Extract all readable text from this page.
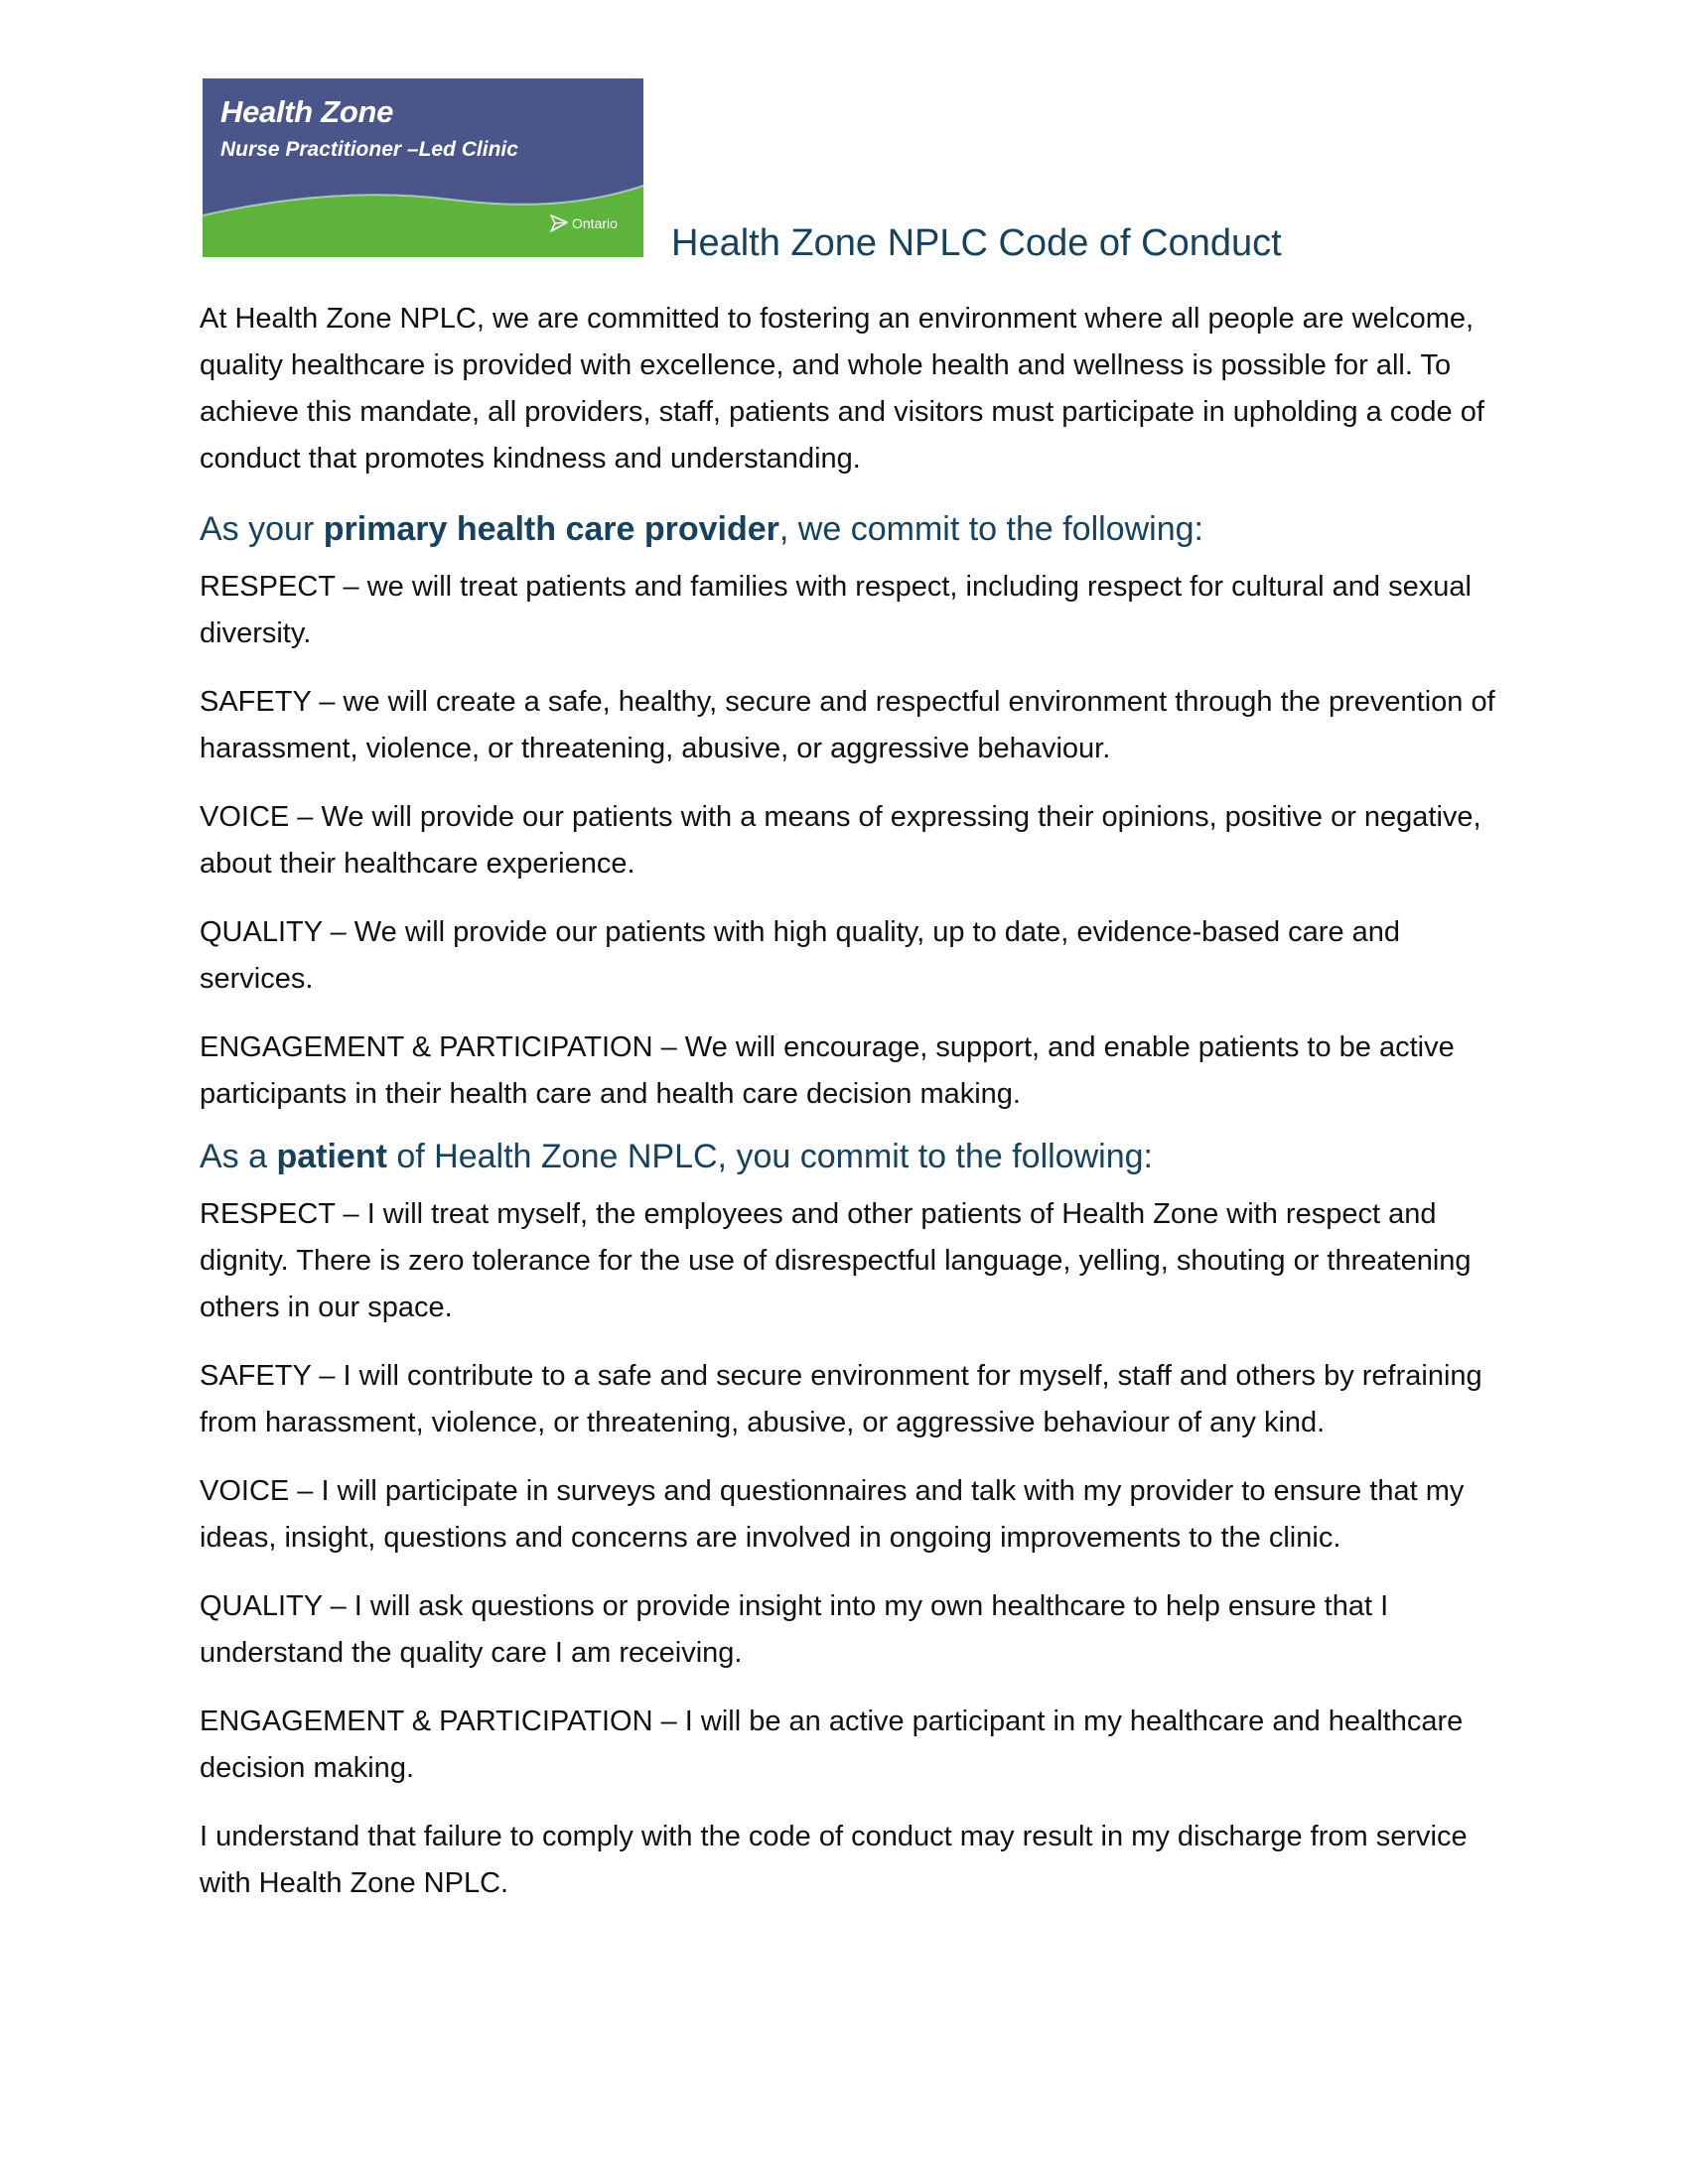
Health Zone
Nurse Practitioner –Led Clinic
Ontario Health Zone NPLC Code of Conduct

At Health Zone NPLC, we are committed to fostering an environment where all people are welcome, quality healthcare is provided with excellence, and whole health and wellness is possible for all. To achieve this mandate, all providers, staff, patients and visitors must participate in upholding a code of conduct that promotes kindness and understanding.

As your primary health care provider, we commit to the following:

RESPECT – we will treat patients and families with respect, including respect for cultural and sexual diversity.

SAFETY – we will create a safe, healthy, secure and respectful environment through the prevention of harassment, violence, or threatening, abusive, or aggressive behaviour.

VOICE – We will provide our patients with a means of expressing their opinions, positive or negative, about their healthcare experience.

QUALITY – We will provide our patients with high quality, up to date, evidence-based care and services.

ENGAGEMENT & PARTICIPATION – We will encourage, support, and enable patients to be active participants in their health care and health care decision making.

As a patient of Health Zone NPLC, you commit to the following:

RESPECT – I will treat myself, the employees and other patients of Health Zone with respect and dignity. There is zero tolerance for the use of disrespectful language, yelling, shouting or threatening others in our space.

SAFETY – I will contribute to a safe and secure environment for myself, staff and others by refraining from harassment, violence, or threatening, abusive, or aggressive behaviour of any kind.

VOICE – I will participate in surveys and questionnaires and talk with my provider to ensure that my ideas, insight, questions and concerns are involved in ongoing improvements to the clinic.

QUALITY – I will ask questions or provide insight into my own healthcare to help ensure that I understand the quality care I am receiving.

ENGAGEMENT & PARTICIPATION – I will be an active participant in my healthcare and healthcare decision making.

I understand that failure to comply with the code of conduct may result in my discharge from service with Health Zone NPLC.
